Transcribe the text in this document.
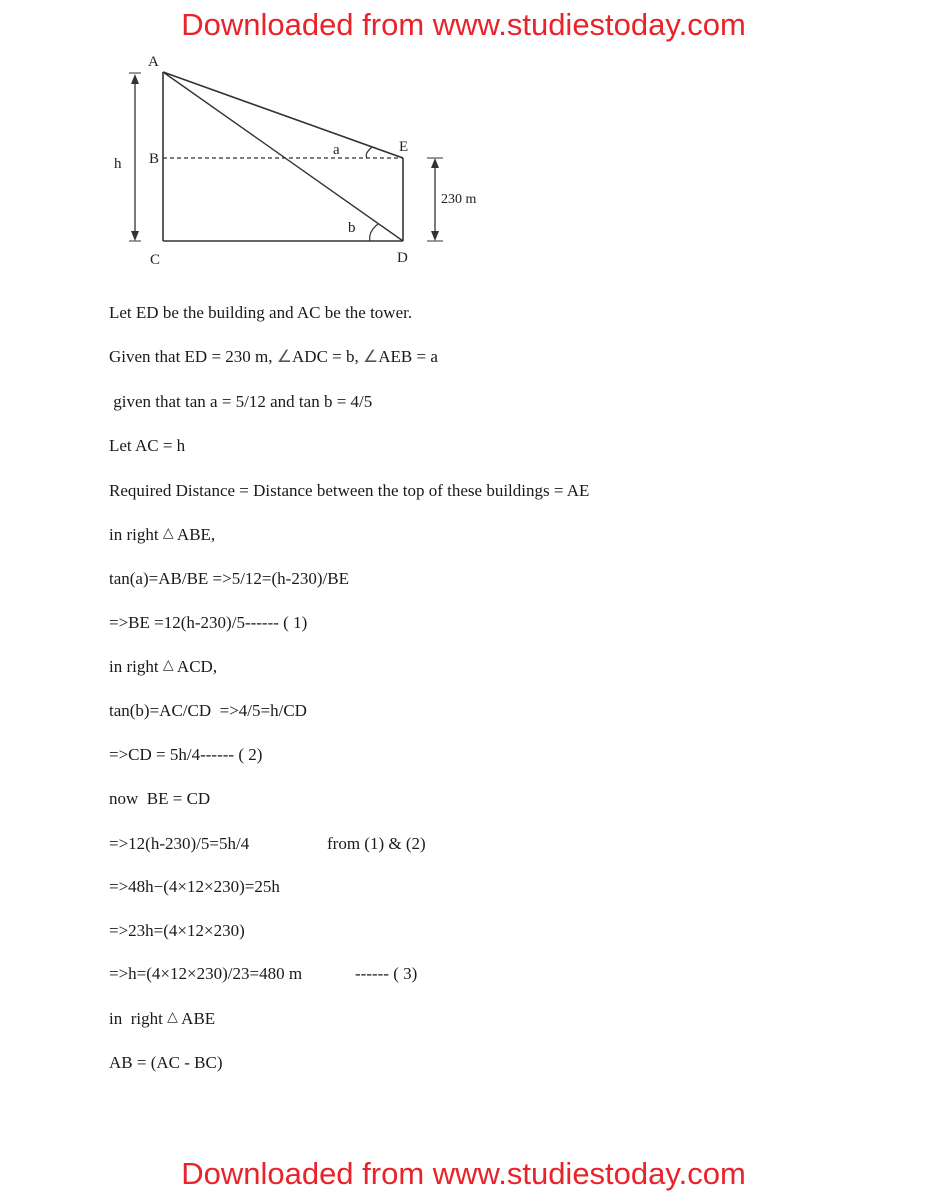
Downloaded from www.studiestoday.com
A
B
C	D
E
h
a
b
230 m

Let ED be the building and AC be the tower.

Given that ED = 230 m, ∠ADC = b, ∠AEB = a

given that tan a = 5/12 and tan b = 4/5

Let AC = h

Required Distance = Distance between the top of these buildings = AE

in right △ ABE,

tan(a)=AB/BE =>5/12=(h-230)/BE

=>BE =12(h-230)/5------ ( 1)

in right △ ACD,

tan(b)=AC/CD  =>4/5=h/CD

=>CD = 5h/4------ ( 2)

now  BE = CD

=>12(h-230)/5=5h/4	from (1) & (2)

=>48h−(4×12×230)=25h

=>23h=(4×12×230)

=>h=(4×12×230)/23=480 m	------ ( 3)

in  right △ ABE

AB = (AC - BC)

Downloaded from www.studiestoday.com
